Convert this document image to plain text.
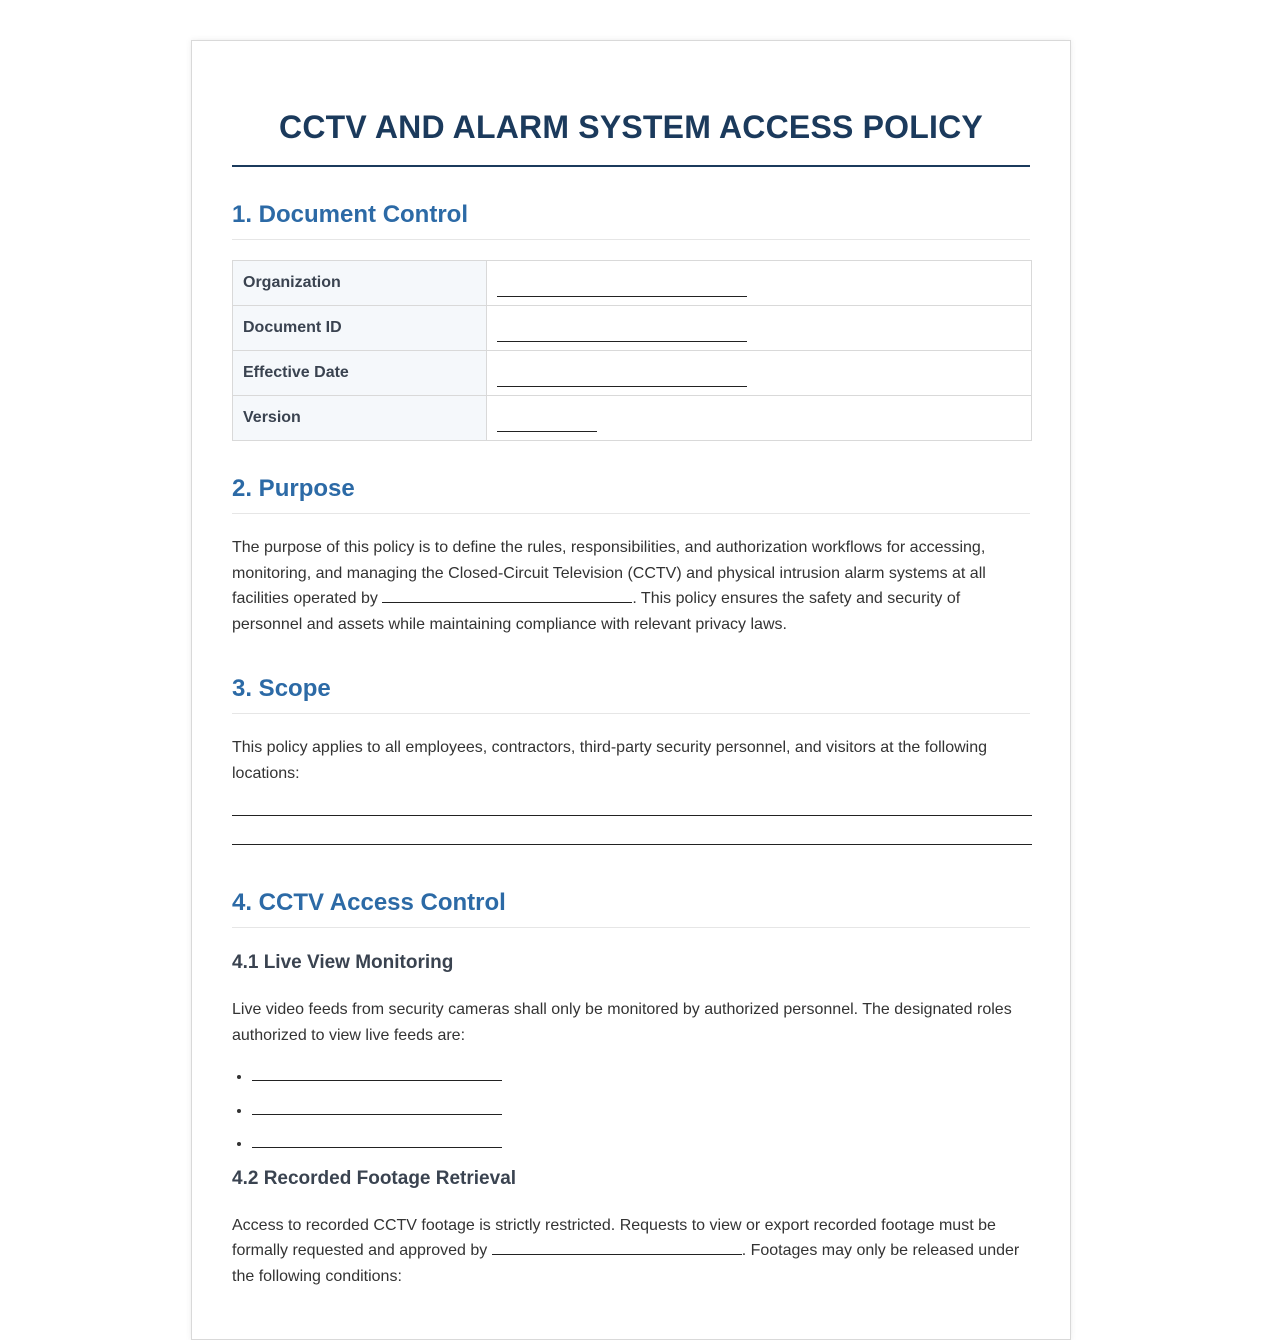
CCTV AND ALARM SYSTEM ACCESS POLICY
1. Document Control
Organization	

Document ID	

Effective Date	

Version	
2. Purpose

The purpose of this policy is to define the rules, responsibilities, and authorization workflows for accessing, monitoring, and managing the Closed-Circuit Television (CCTV) and physical intrusion alarm systems at all facilities operated by	. This policy ensures the safety and security of personnel and assets while maintaining compliance with relevant privacy laws.

3. Scope

This policy applies to all employees, contractors, third-party security personnel, and visitors at the following locations:

4. CCTV Access Control
4.1 Live View Monitoring

Live video feeds from security cameras shall only be monitored by authorized personnel. The designated roles authorized to view live feeds are:

•
•
•
4.2 Recorded Footage Retrieval

Access to recorded CCTV footage is strictly restricted. Requests to view or export recorded footage must be formally requested and approved by	. Footages may only be released under the following conditions:
